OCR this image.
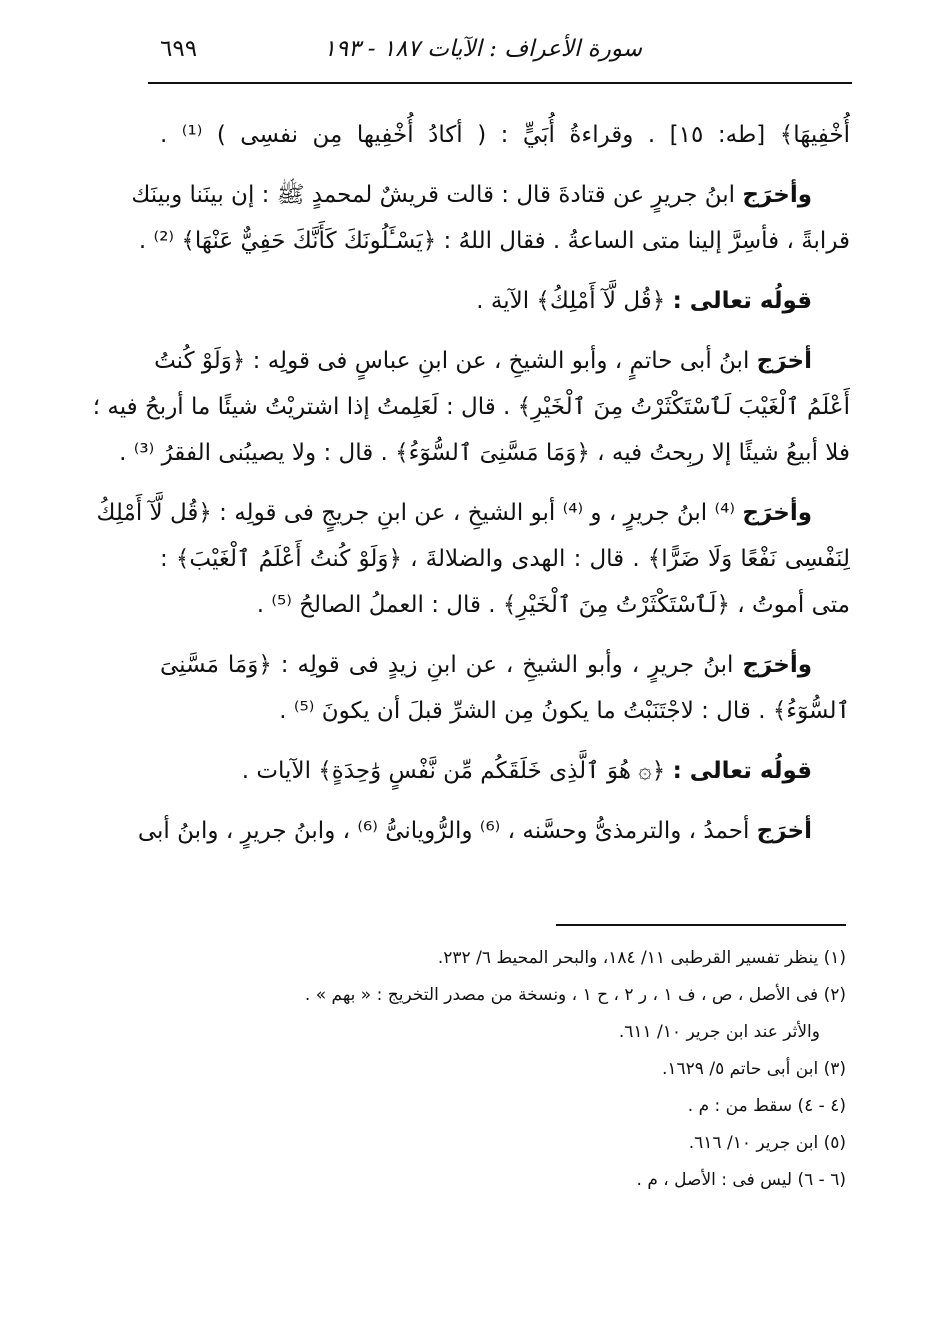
سورة الأعراف : الآيات ١٨٧ - ١٩٣
٦٩٩
أُخْفِيهَا﴾ [طه: ١٥] . وقراءةُ أُبَيٍّ : ( أكادُ أُخْفِيها مِن نفسِى ) ⁽¹⁾ .
وأخرَج ابنُ جريرٍ عن قتادةَ قال : قالت قريشٌ لمحمدٍ ﷺ : إن بينَنا وبينَك
قرابةً ، فأسِرَّ إلينا متى الساعةُ . فقال اللهُ : ﴿يَسْـَٔلُونَكَ كَأَنَّكَ حَفِيٌّ عَنْهَا﴾ ⁽²⁾ .
قولُه تعالى : ﴿قُل لَّآ أَمْلِكُ﴾ الآية .
أخرَج ابنُ أبى حاتمٍ ، وأبو الشيخِ ، عن ابنِ عباسٍ فى قولِه : ﴿وَلَوْ كُنتُ
أَعْلَمُ ٱلْغَيْبَ لَٱسْتَكْثَرْتُ مِنَ ٱلْخَيْرِ﴾ . قال : لَعَلِمتُ إذا اشتريْتُ شيئًا ما أربحُ فيه ؛
فلا أبيعُ شيئًا إلا ربِحتُ فيه ، ﴿وَمَا مَسَّنِىَ ٱلسُّوٓءُ﴾ . قال : ولا يصيبُنى الفقرُ ⁽³⁾ .
وأخرَج ⁽⁴⁾ ابنُ جريرٍ ، و ⁽⁴⁾ أبو الشيخِ ، عن ابنِ جريجٍ فى قولِه : ﴿قُل لَّآ أَمْلِكُ
لِنَفْسِى نَفْعًا وَلَا ضَرًّا﴾ . قال : الهدى والضلالةَ ، ﴿وَلَوْ كُنتُ أَعْلَمُ ٱلْغَيْبَ﴾ :
متى أموتُ ، ﴿لَٱسْتَكْثَرْتُ مِنَ ٱلْخَيْرِ﴾ . قال : العملُ الصالحُ ⁽⁵⁾ .
وأخرَج ابنُ جريرٍ ، وأبو الشيخِ ، عن ابنِ زيدٍ فى قولِه : ﴿وَمَا مَسَّنِىَ
ٱلسُّوٓءُ﴾ . قال : لاجْتَنَبْتُ ما يكونُ مِن الشرِّ قبلَ أن يكونَ ⁽⁵⁾ .
قولُه تعالى : ﴿۞ هُوَ ٱلَّذِى خَلَقَكُم مِّن نَّفْسٍ وَٰحِدَةٍ﴾ الآيات .
أخرَج أحمدُ ، والترمذىُّ وحسَّنه ، ⁽⁶⁾ والرُّويانىُّ ⁽⁶⁾ ، وابنُ جريرٍ ، وابنُ أبى
(١) ينظر تفسير القرطبى ١١/ ١٨٤، والبحر المحيط ٦/ ٢٣٢.
(٢) فى الأصل ، ص ، ف ١ ، ر ٢ ، ح ١ ، ونسخة من مصدر التخريج : « بهم » .
والأثر عند ابن جرير ١٠/ ٦١١.
(٣) ابن أبى حاتم ٥/ ١٦٢٩.
(٤ - ٤) سقط من : م .
(٥) ابن جرير ١٠/ ٦١٦.
(٦ - ٦) ليس فى : الأصل ، م .
